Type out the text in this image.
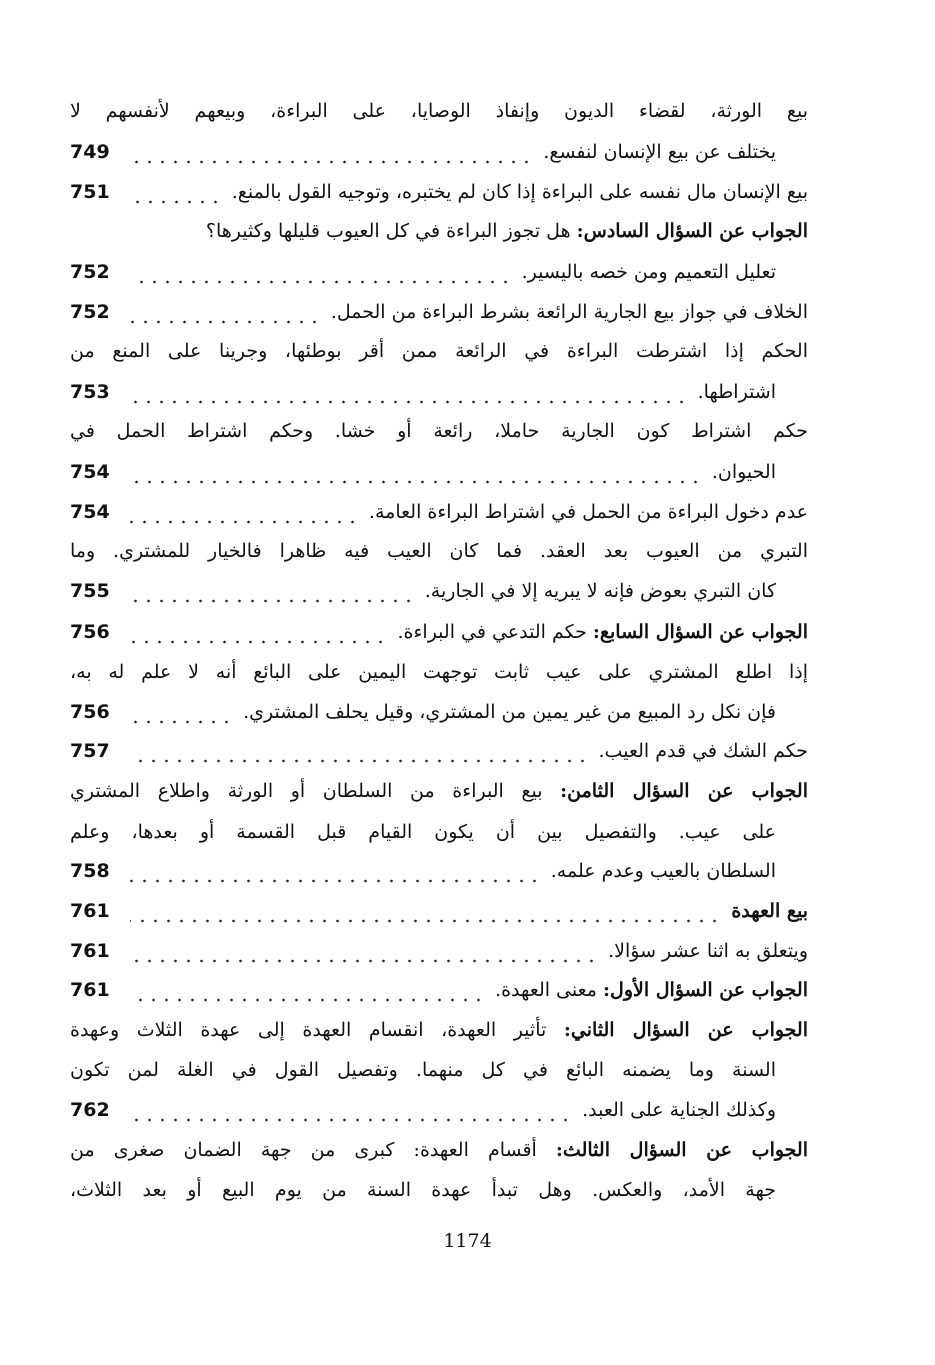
بيع الورثة، لقضاء الديون وإنفاذ الوصايا، على البراءة، وبيعهم لأنفسهم لا
يختلف عن بيع الإنسان لنفسع.
749
بيع الإنسان مال نفسه على البراءة إذا كان لم يختبره، وتوجيه القول بالمنع.
751
الجواب عن السؤال السادس: هل تجوز البراءة في كل العيوب قليلها وكثيرها؟
تعليل التعميم ومن خصه باليسير.
752
الخلاف في جواز بيع الجارية الرائعة بشرط البراءة من الحمل.
752
الحكم إذا اشترطت البراءة في الرائعة ممن أقر بوطئها، وجرينا على المنع من
اشتراطها.
753
حكم اشتراط كون الجارية حاملا، رائعة أو خشا. وحكم اشتراط الحمل في
الحيوان.
754
عدم دخول البراءة من الحمل في اشتراط البراءة العامة.
754
التبري من العيوب بعد العقد. فما كان العيب فيه ظاهرا فالخيار للمشتري. وما
كان التبري بعوض فإنه لا يبريه إلا في الجارية.
755
الجواب عن السؤال السابع: حكم التدعي في البراءة.
756
إذا اطلع المشتري على عيب ثابت توجهت اليمين على البائع أنه لا علم له به،
فإن نكل رد المبيع من غير يمين من المشتري، وقيل يحلف المشتري.
756
حكم الشك في قدم العيب.
757
الجواب عن السؤال الثامن: بيع البراءة من السلطان أو الورثة واطلاع المشتري
على عيب. والتفصيل بين أن يكون القيام قبل القسمة أو بعدها، وعلم
السلطان بالعيب وعدم علمه.
758
بيع العهدة
761
ويتعلق به اثنا عشر سؤالا.
761
الجواب عن السؤال الأول: معنى العهدة.
761
الجواب عن السؤال الثاني: تأثير العهدة، انقسام العهدة إلى عهدة الثلاث وعهدة
السنة وما يضمنه البائع في كل منهما. وتفصيل القول في الغلة لمن تكون
وكذلك الجناية على العبد.
762
الجواب عن السؤال الثالث: أقسام العهدة: كبرى من جهة الضمان صغرى من
جهة الأمد، والعكس. وهل تبدأ عهدة السنة من يوم البيع أو بعد الثلاث،
1174
